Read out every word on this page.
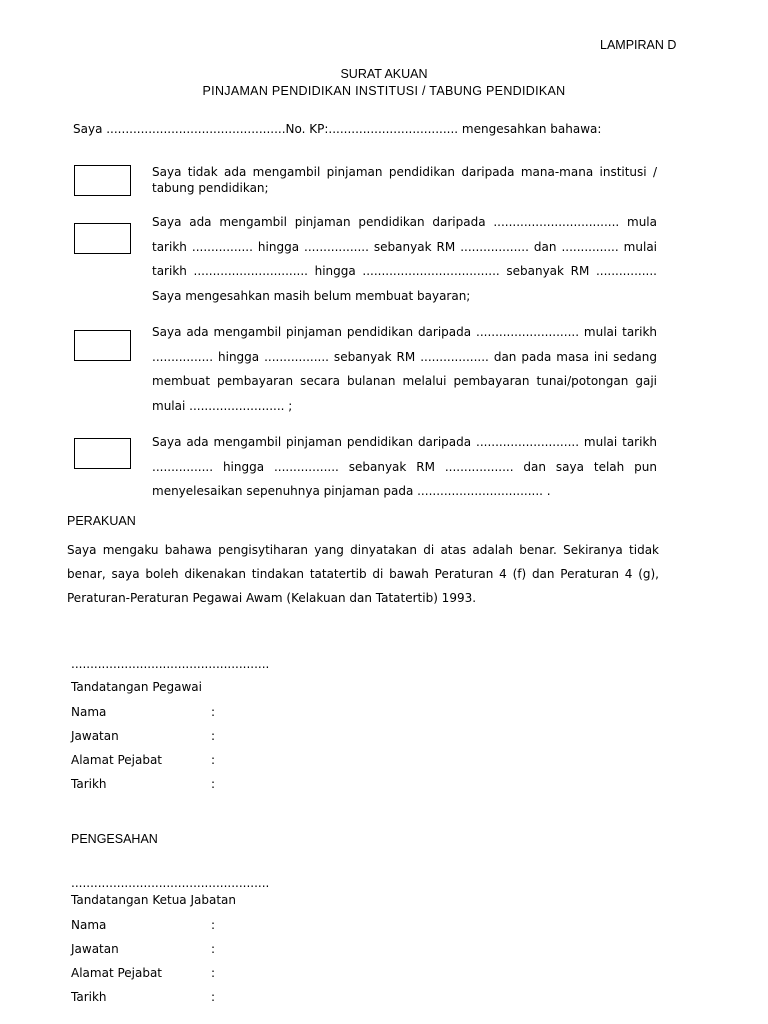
LAMPIRAN D
SURAT AKUAN
PINJAMAN PENDIDIKAN INSTITUSI / TABUNG PENDIDIKAN
Saya ...............................................No. KP:.................................. mengesahkan bahawa:
Saya tidak ada mengambil pinjaman pendidikan daripada mana-mana institusi / tabung pendidikan;
Saya ada mengambil pinjaman pendidikan daripada ................................. mula tarikh ................ hingga ................. sebanyak RM .................. dan ............... mulai tarikh .............................. hingga .................................... sebanyak RM ................ Saya mengesahkan masih belum membuat bayaran;
Saya ada mengambil pinjaman pendidikan daripada ........................... mulai tarikh ................ hingga ................. sebanyak RM .................. dan pada masa ini sedang membuat pembayaran secara bulanan melalui pembayaran tunai/potongan gaji mulai ......................... ;
Saya ada mengambil pinjaman pendidikan daripada ........................... mulai tarikh ................ hingga ................. sebanyak RM .................. dan saya telah pun menyelesaikan sepenuhnya pinjaman pada ................................. .
PERAKUAN
Saya mengaku bahawa pengisytiharan yang dinyatakan di atas adalah benar. Sekiranya tidak benar, saya boleh dikenakan tindakan tatatertib di bawah Peraturan 4 (f) dan Peraturan 4 (g), Peraturan-Peraturan Pegawai Awam (Kelakuan dan Tatatertib) 1993.
....................................................
Tandatangan Pegawai
Nama	:
Jawatan	:
Alamat Pejabat	:
Tarikh	:
PENGESAHAN
....................................................
Tandatangan Ketua Jabatan
Nama	:
Jawatan	:
Alamat Pejabat	:
Tarikh	:
